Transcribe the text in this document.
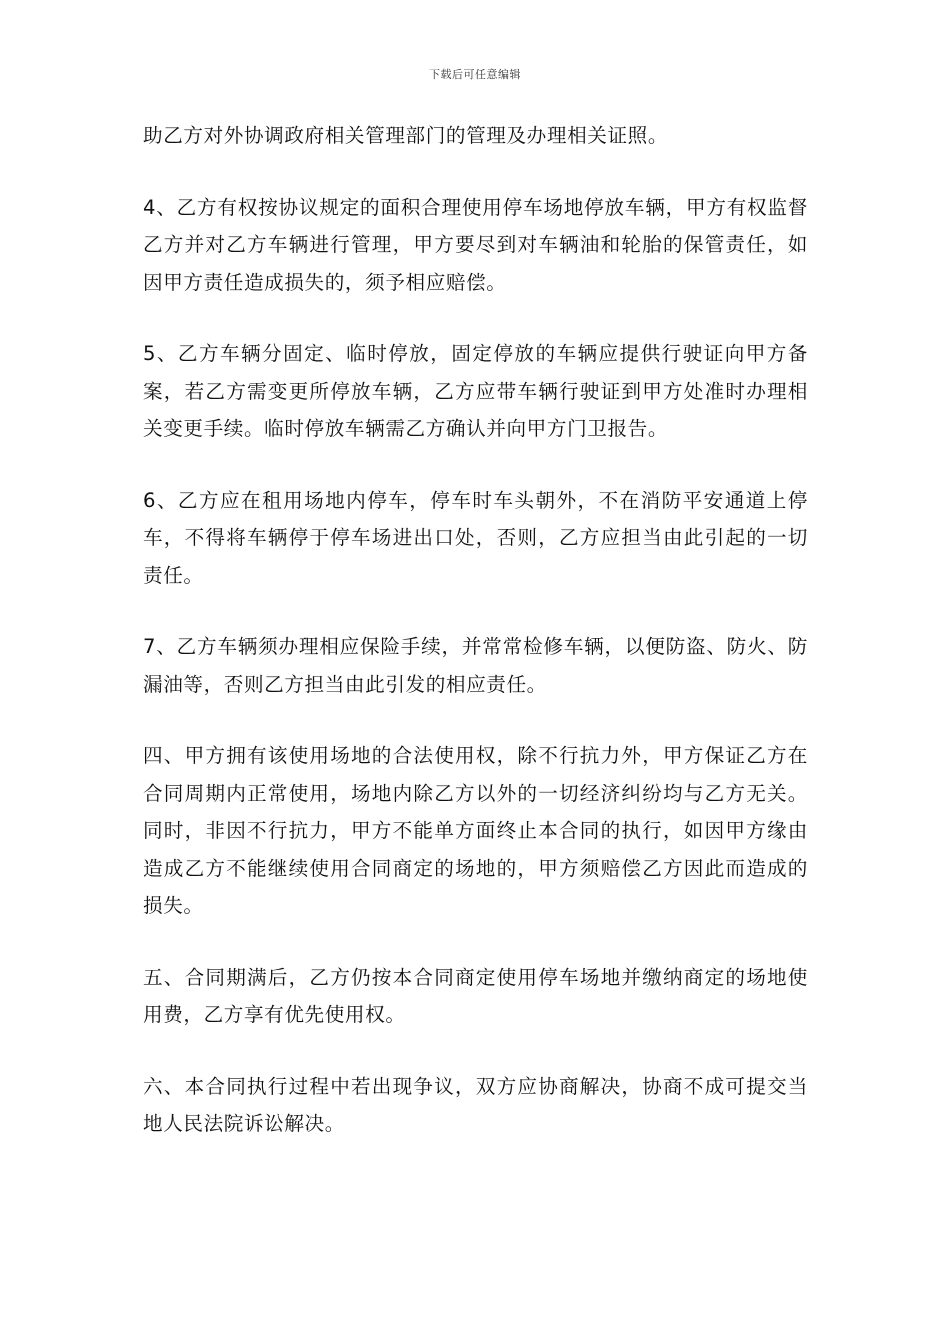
下载后可任意编辑

助乙方对外协调政府相关管理部门的管理及办理相关证照。

4、乙方有权按协议规定的面积合理使用停车场地停放车辆，甲方有权监督乙方并对乙方车辆进行管理，甲方要尽到对车辆油和轮胎的保管责任，如因甲方责任造成损失的，须予相应赔偿。

5、乙方车辆分固定、临时停放，固定停放的车辆应提供行驶证向甲方备案，若乙方需变更所停放车辆，乙方应带车辆行驶证到甲方处准时办理相关变更手续。临时停放车辆需乙方确认并向甲方门卫报告。

6、乙方应在租用场地内停车，停车时车头朝外，不在消防平安通道上停车，不得将车辆停于停车场进出口处，否则，乙方应担当由此引起的一切责任。

7、乙方车辆须办理相应保险手续，并常常检修车辆，以便防盗、防火、防漏油等，否则乙方担当由此引发的相应责任。

四、甲方拥有该使用场地的合法使用权，除不行抗力外，甲方保证乙方在合同周期内正常使用，场地内除乙方以外的一切经济纠纷均与乙方无关。同时，非因不行抗力，甲方不能单方面终止本合同的执行，如因甲方缘由造成乙方不能继续使用合同商定的场地的，甲方须赔偿乙方因此而造成的损失。

五、合同期满后，乙方仍按本合同商定使用停车场地并缴纳商定的场地使用费，乙方享有优先使用权。

六、本合同执行过程中若出现争议，双方应协商解决，协商不成可提交当地人民法院诉讼解决。
